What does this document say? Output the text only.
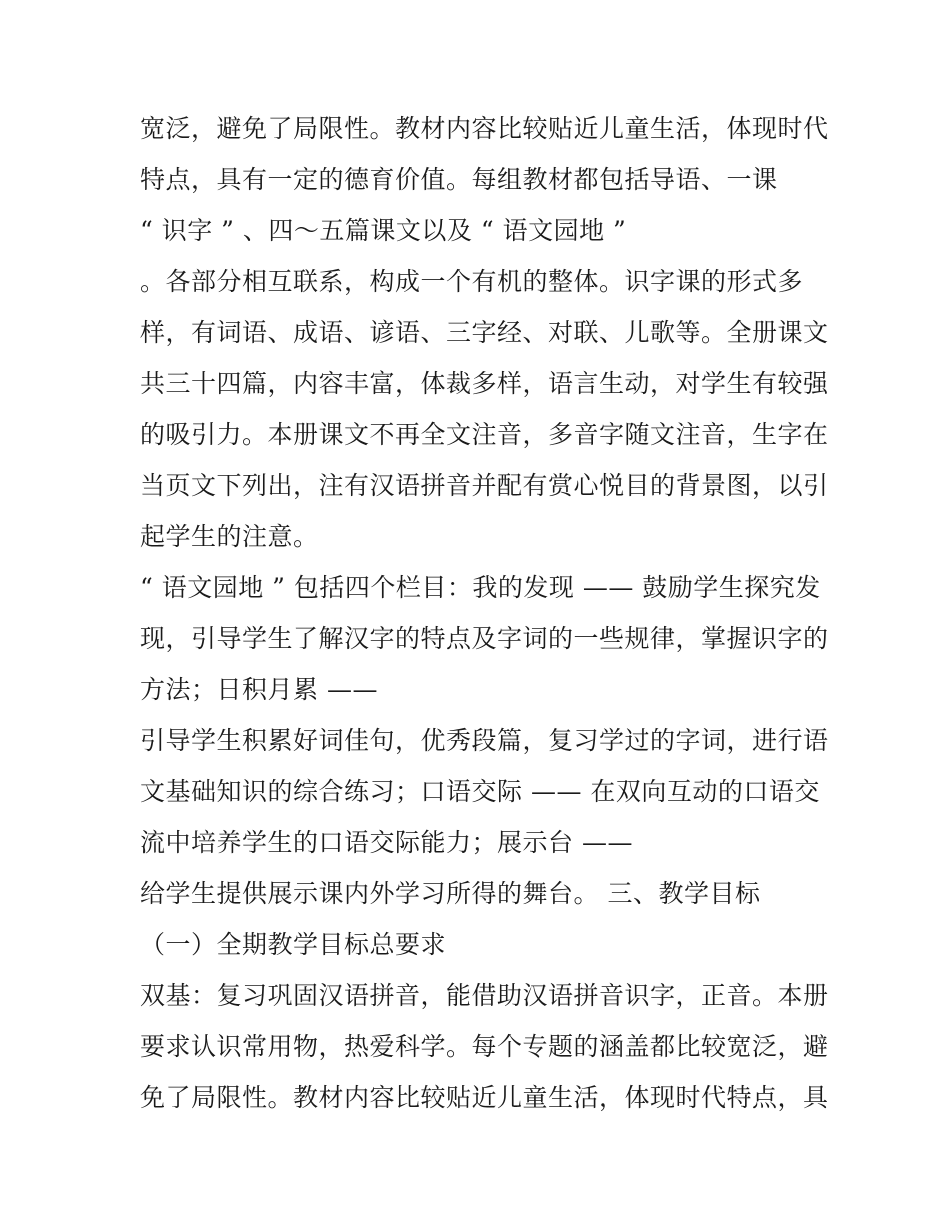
宽泛，避免了局限性。教材内容比较贴近儿童生活，体现时代
特点，具有一定的德育价值。每组教材都包括导语、一课
“ 识字 ” 、四～五篇课文以及 “ 语文园地 ”
。各部分相互联系，构成一个有机的整体。识字课的形式多
样，有词语、成语、谚语、三字经、对联、儿歌等。全册课文
共三十四篇，内容丰富，体裁多样，语言生动，对学生有较强
的吸引力。本册课文不再全文注音，多音字随文注音，生字在
当页文下列出，注有汉语拼音并配有赏心悦目的背景图，以引
起学生的注意。
“ 语文园地 ” 包括四个栏目：我的发现 —— 鼓励学生探究发
现，引导学生了解汉字的特点及字词的一些规律，掌握识字的
方法；日积月累 ——
引导学生积累好词佳句，优秀段篇，复习学过的字词，进行语
文基础知识的综合练习；口语交际 —— 在双向互动的口语交
流中培养学生的口语交际能力；展示台 ——
给学生提供展示课内外学习所得的舞台。 三、教学目标
（一）全期教学目标总要求
双基：复习巩固汉语拼音，能借助汉语拼音识字，正音。本册
要求认识常用物，热爱科学。每个专题的涵盖都比较宽泛，避
免了局限性。教材内容比较贴近儿童生活，体现时代特点，具
